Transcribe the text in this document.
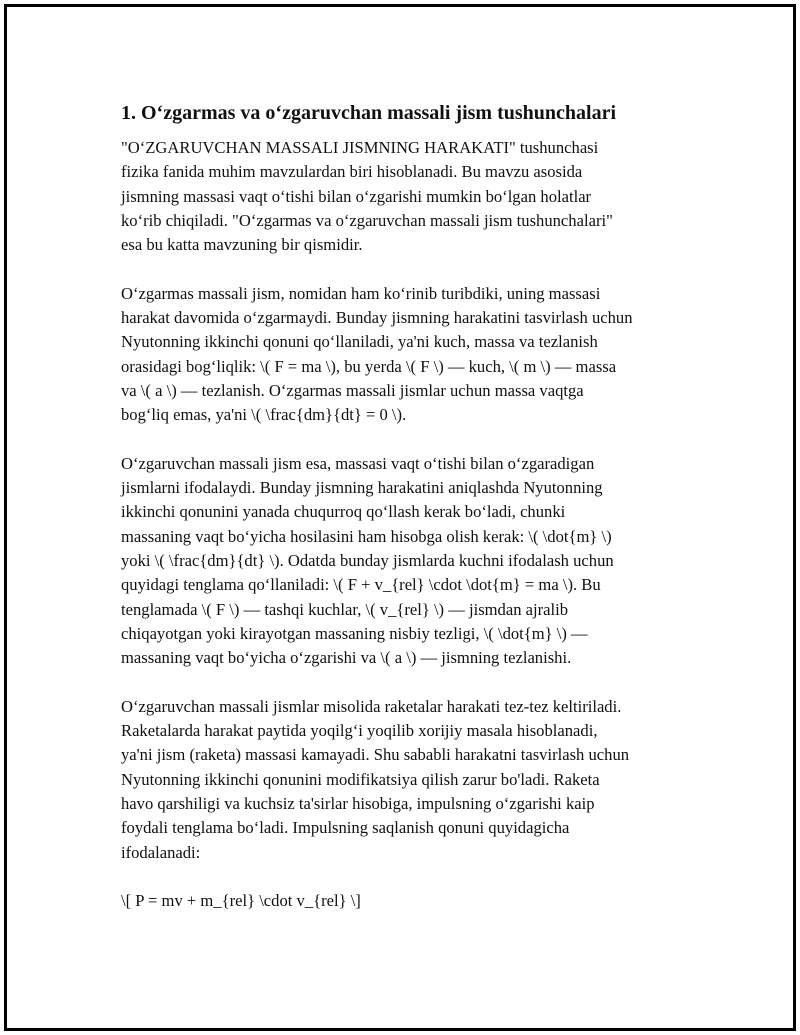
1. O‘zgarmas va o‘zgaruvchan massali jism tushunchalari

"O‘ZGARUVCHAN MASSALI JISMNING HARAKATI" tushunchasi
fizika fanida muhim mavzulardan biri hisoblanadi. Bu mavzu asosida
jismning massasi vaqt o‘tishi bilan o‘zgarishi mumkin bo‘lgan holatlar
ko‘rib chiqiladi. "O‘zgarmas va o‘zgaruvchan massali jism tushunchalari"
esa bu katta mavzuning bir qismidir.

O‘zgarmas massali jism, nomidan ham ko‘rinib turibdiki, uning massasi
harakat davomida o‘zgarmaydi. Bunday jismning harakatini tasvirlash uchun
Nyutonning ikkinchi qonuni qo‘llaniladi, ya'ni kuch, massa va tezlanish
orasidagi bog‘liqlik: \( F = ma \), bu yerda \( F \) — kuch, \( m \) — massa
va \( a \) — tezlanish. O‘zgarmas massali jismlar uchun massa vaqtga
bog‘liq emas, ya'ni \( \frac{dm}{dt} = 0 \).

O‘zgaruvchan massali jism esa, massasi vaqt o‘tishi bilan o‘zgaradigan
jismlarni ifodalaydi. Bunday jismning harakatini aniqlashda Nyutonning
ikkinchi qonunini yanada chuqurroq qo‘llash kerak bo‘ladi, chunki
massaning vaqt bo‘yicha hosilasini ham hisobga olish kerak: \( \dot{m} \)
yoki \( \frac{dm}{dt} \). Odatda bunday jismlarda kuchni ifodalash uchun
quyidagi tenglama qo‘llaniladi: \( F + v_{rel} \cdot \dot{m} = ma \). Bu
tenglamada \( F \) — tashqi kuchlar, \( v_{rel} \) — jismdan ajralib
chiqayotgan yoki kirayotgan massaning nisbiy tezligi, \( \dot{m} \) —
massaning vaqt bo‘yicha o‘zgarishi va \( a \) — jismning tezlanishi.

O‘zgaruvchan massali jismlar misolida raketalar harakati tez-tez keltiriladi.
Raketalarda harakat paytida yoqilg‘i yoqilib xorijiy masala hisoblanadi,
ya'ni jism (raketa) massasi kamayadi. Shu sababli harakatni tasvirlash uchun
Nyutonning ikkinchi qonunini modifikatsiya qilish zarur bo'ladi. Raketa
havo qarshiligi va kuchsiz ta'sirlar hisobiga, impulsning o‘zgarishi kaip
foydali tenglama bo‘ladi. Impulsning saqlanish qonuni quyidagicha
ifodalanadi:

\[ P = mv + m_{rel} \cdot v_{rel} \]
